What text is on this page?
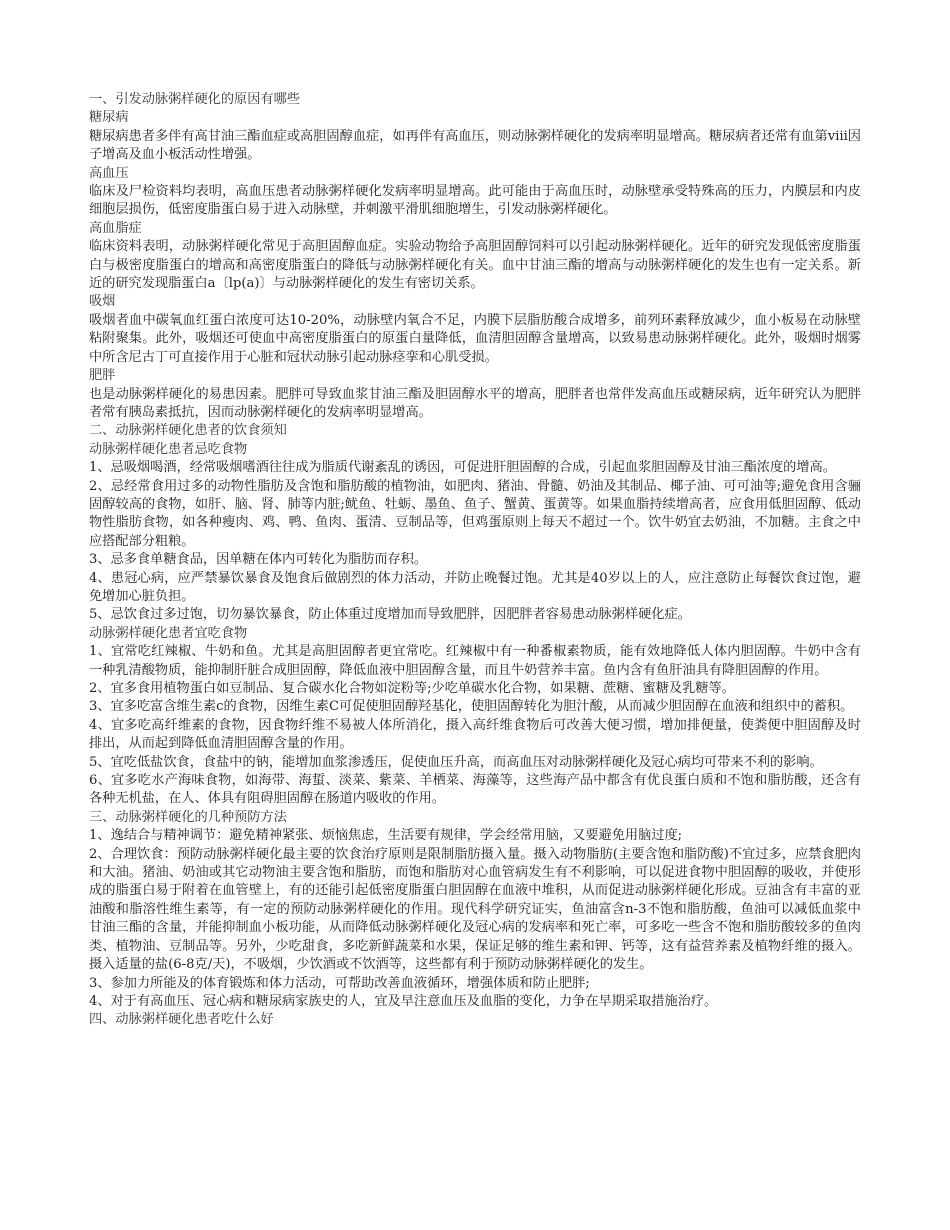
一、引发动脉粥样硬化的原因有哪些

糖尿病

糖尿病患者多伴有高甘油三酯血症或高胆固醇血症，如再伴有高血压，则动脉粥样硬化的发病率明显增高。糖尿病者还常有血第ⅷ因子增高及血小板活动性增强。

高血压

临床及尸检资料均表明，高血压患者动脉粥样硬化发病率明显增高。此可能由于高血压时，动脉壁承受特殊高的压力，内膜层和内皮细胞层损伤，低密度脂蛋白易于进入动脉壁，并刺激平滑肌细胞增生，引发动脉粥样硬化。

高血脂症

临床资料表明，动脉粥样硬化常见于高胆固醇血症。实验动物给予高胆固醇饲料可以引起动脉粥样硬化。近年的研究发现低密度脂蛋白与极密度脂蛋白的增高和高密度脂蛋白的降低与动脉粥样硬化有关。血中甘油三酯的增高与动脉粥样硬化的发生也有一定关系。新近的研究发现脂蛋白a〔lp(a)〕与动脉粥样硬化的发生有密切关系。

吸烟

吸烟者血中碳氧血红蛋白浓度可达10-20%，动脉壁内氧合不足，内膜下层脂肪酸合成增多，前列环素释放减少，血小板易在动脉壁粘附聚集。此外，吸烟还可使血中高密度脂蛋白的原蛋白量降低，血清胆固醇含量增高，以致易患动脉粥样硬化。此外，吸烟时烟雾中所含尼古丁可直接作用于心脏和冠状动脉引起动脉痉挛和心肌受损。

肥胖

也是动脉粥样硬化的易患因素。肥胖可导致血浆甘油三酯及胆固醇水平的增高，肥胖者也常伴发高血压或糖尿病，近年研究认为肥胖者常有胰岛素抵抗，因而动脉粥样硬化的发病率明显增高。

二、动脉粥样硬化患者的饮食须知

动脉粥样硬化患者忌吃食物

1、忌吸烟喝酒，经常吸烟嗜酒往往成为脂质代谢紊乱的诱因，可促进肝胆固醇的合成，引起血浆胆固醇及甘油三酯浓度的增高。

2、忌经常食用过多的动物性脂肪及含饱和脂肪酸的植物油，如肥肉、猪油、骨髓、奶油及其制品、椰子油、可可油等;避免食用含骊固醇较高的食物，如肝、脑、肾、肺等内脏;鱿鱼、牡蛎、墨鱼、鱼子、蟹黄、蛋黄等。如果血脂持续增高者，应食用低胆固醇、低动物性脂肪食物，如各种瘦肉、鸡、鸭、鱼肉、蛋清、豆制品等，但鸡蛋原则上每天不超过一个。饮牛奶宜去奶油，不加糖。主食之中应搭配部分粗粮。

3、忌多食单糖食品，因单糖在体内可转化为脂肪而存积。

4、患冠心病，应严禁暴饮暴食及饱食后做剧烈的体力活动，并防止晚餐过饱。尤其是40岁以上的人，应注意防止每餐饮食过饱，避免增加心脏负担。

5、忌饮食过多过饱，切勿暴饮暴食，防止体重过度增加而导致肥胖，因肥胖者容易患动脉粥样硬化症。

动脉粥样硬化患者宜吃食物

1、宜常吃红辣椒、牛奶和鱼。尤其是高胆固醇者更宜常吃。红辣椒中有一种番椒素物质，能有效地降低人体内胆固醇。牛奶中含有一种乳清酸物质，能抑制肝脏合成胆固醇，降低血液中胆固醇含量，而且牛奶营养丰富。鱼内含有鱼肝油具有降胆固醇的作用。

2、宜多食用植物蛋白如豆制品、复合碳水化合物如淀粉等;少吃单碳水化合物，如果糖、蔗糖、蜜糖及乳糖等。

3、宜多吃富含维生素c的食物，因维生素C可促使胆固醇羟基化，使胆固醇转化为胆汁酸，从而减少胆固醇在血液和组织中的蓄积。

4、宜多吃高纤维素的食物，因食物纤维不易被人体所消化，摄入高纤维食物后可改善大便习惯，增加排便量，使粪便中胆固醇及时排出，从而起到降低血清胆固醇含量的作用。

5、宜吃低盐饮食，食盐中的钠，能增加血浆渗透压，促使血压升高，而高血压对动脉粥样硬化及冠心病均可带来不利的影响。

6、宜多吃水产海味食物，如海带、海蜇、淡菜、紫菜、羊栖菜、海藻等，这些海产品中都含有优良蛋白质和不饱和脂肪酸，还含有各种无机盐，在人、体具有阻碍胆固醇在肠道内吸收的作用。

三、动脉粥样硬化的几种预防方法

1、逸结合与精神调节：避免精神紧张、烦恼焦虑，生活要有规律，学会经常用脑，又要避免用脑过度;

2、合理饮食：预防动脉粥样硬化最主要的饮食治疗原则是限制脂肪摄入量。摄入动物脂肪(主要含饱和脂防酸)不宜过多，应禁食肥肉和大油。猪油、奶油或其它动物油主要含饱和脂肪，而饱和脂肪对心血管病发生有不利影响，可以促进食物中胆固醇的吸收，并使形成的脂蛋白易于附着在血管壁上，有的还能引起低密度脂蛋白胆固醇在血液中堆积，从而促进动脉粥样硬化形成。豆油含有丰富的亚油酸和脂溶性维生素等，有一定的预防动脉粥样硬化的作用。现代科学研究证实，鱼油富含n-3不饱和脂肪酸，鱼油可以减低血浆中甘油三酯的含量，并能抑制血小板功能，从而降低动脉粥样硬化及冠心病的发病率和死亡率，可多吃一些含不饱和脂肪酸较多的鱼肉类、植物油、豆制品等。另外，少吃甜食，多吃新鲜蔬菜和水果，保证足够的维生素和钾、钙等，这有益营养素及植物纤维的摄入。摄入适量的盐(6-8克/天)，不吸烟，少饮酒或不饮酒等，这些都有利于预防动脉粥样硬化的发生。

3、参加力所能及的体育锻炼和体力活动，可帮助改善血液循环，增强体质和防止肥胖;

4、对于有高血压、冠心病和糖尿病家族史的人，宜及早注意血压及血脂的变化，力争在早期采取措施治疗。

四、动脉粥样硬化患者吃什么好
